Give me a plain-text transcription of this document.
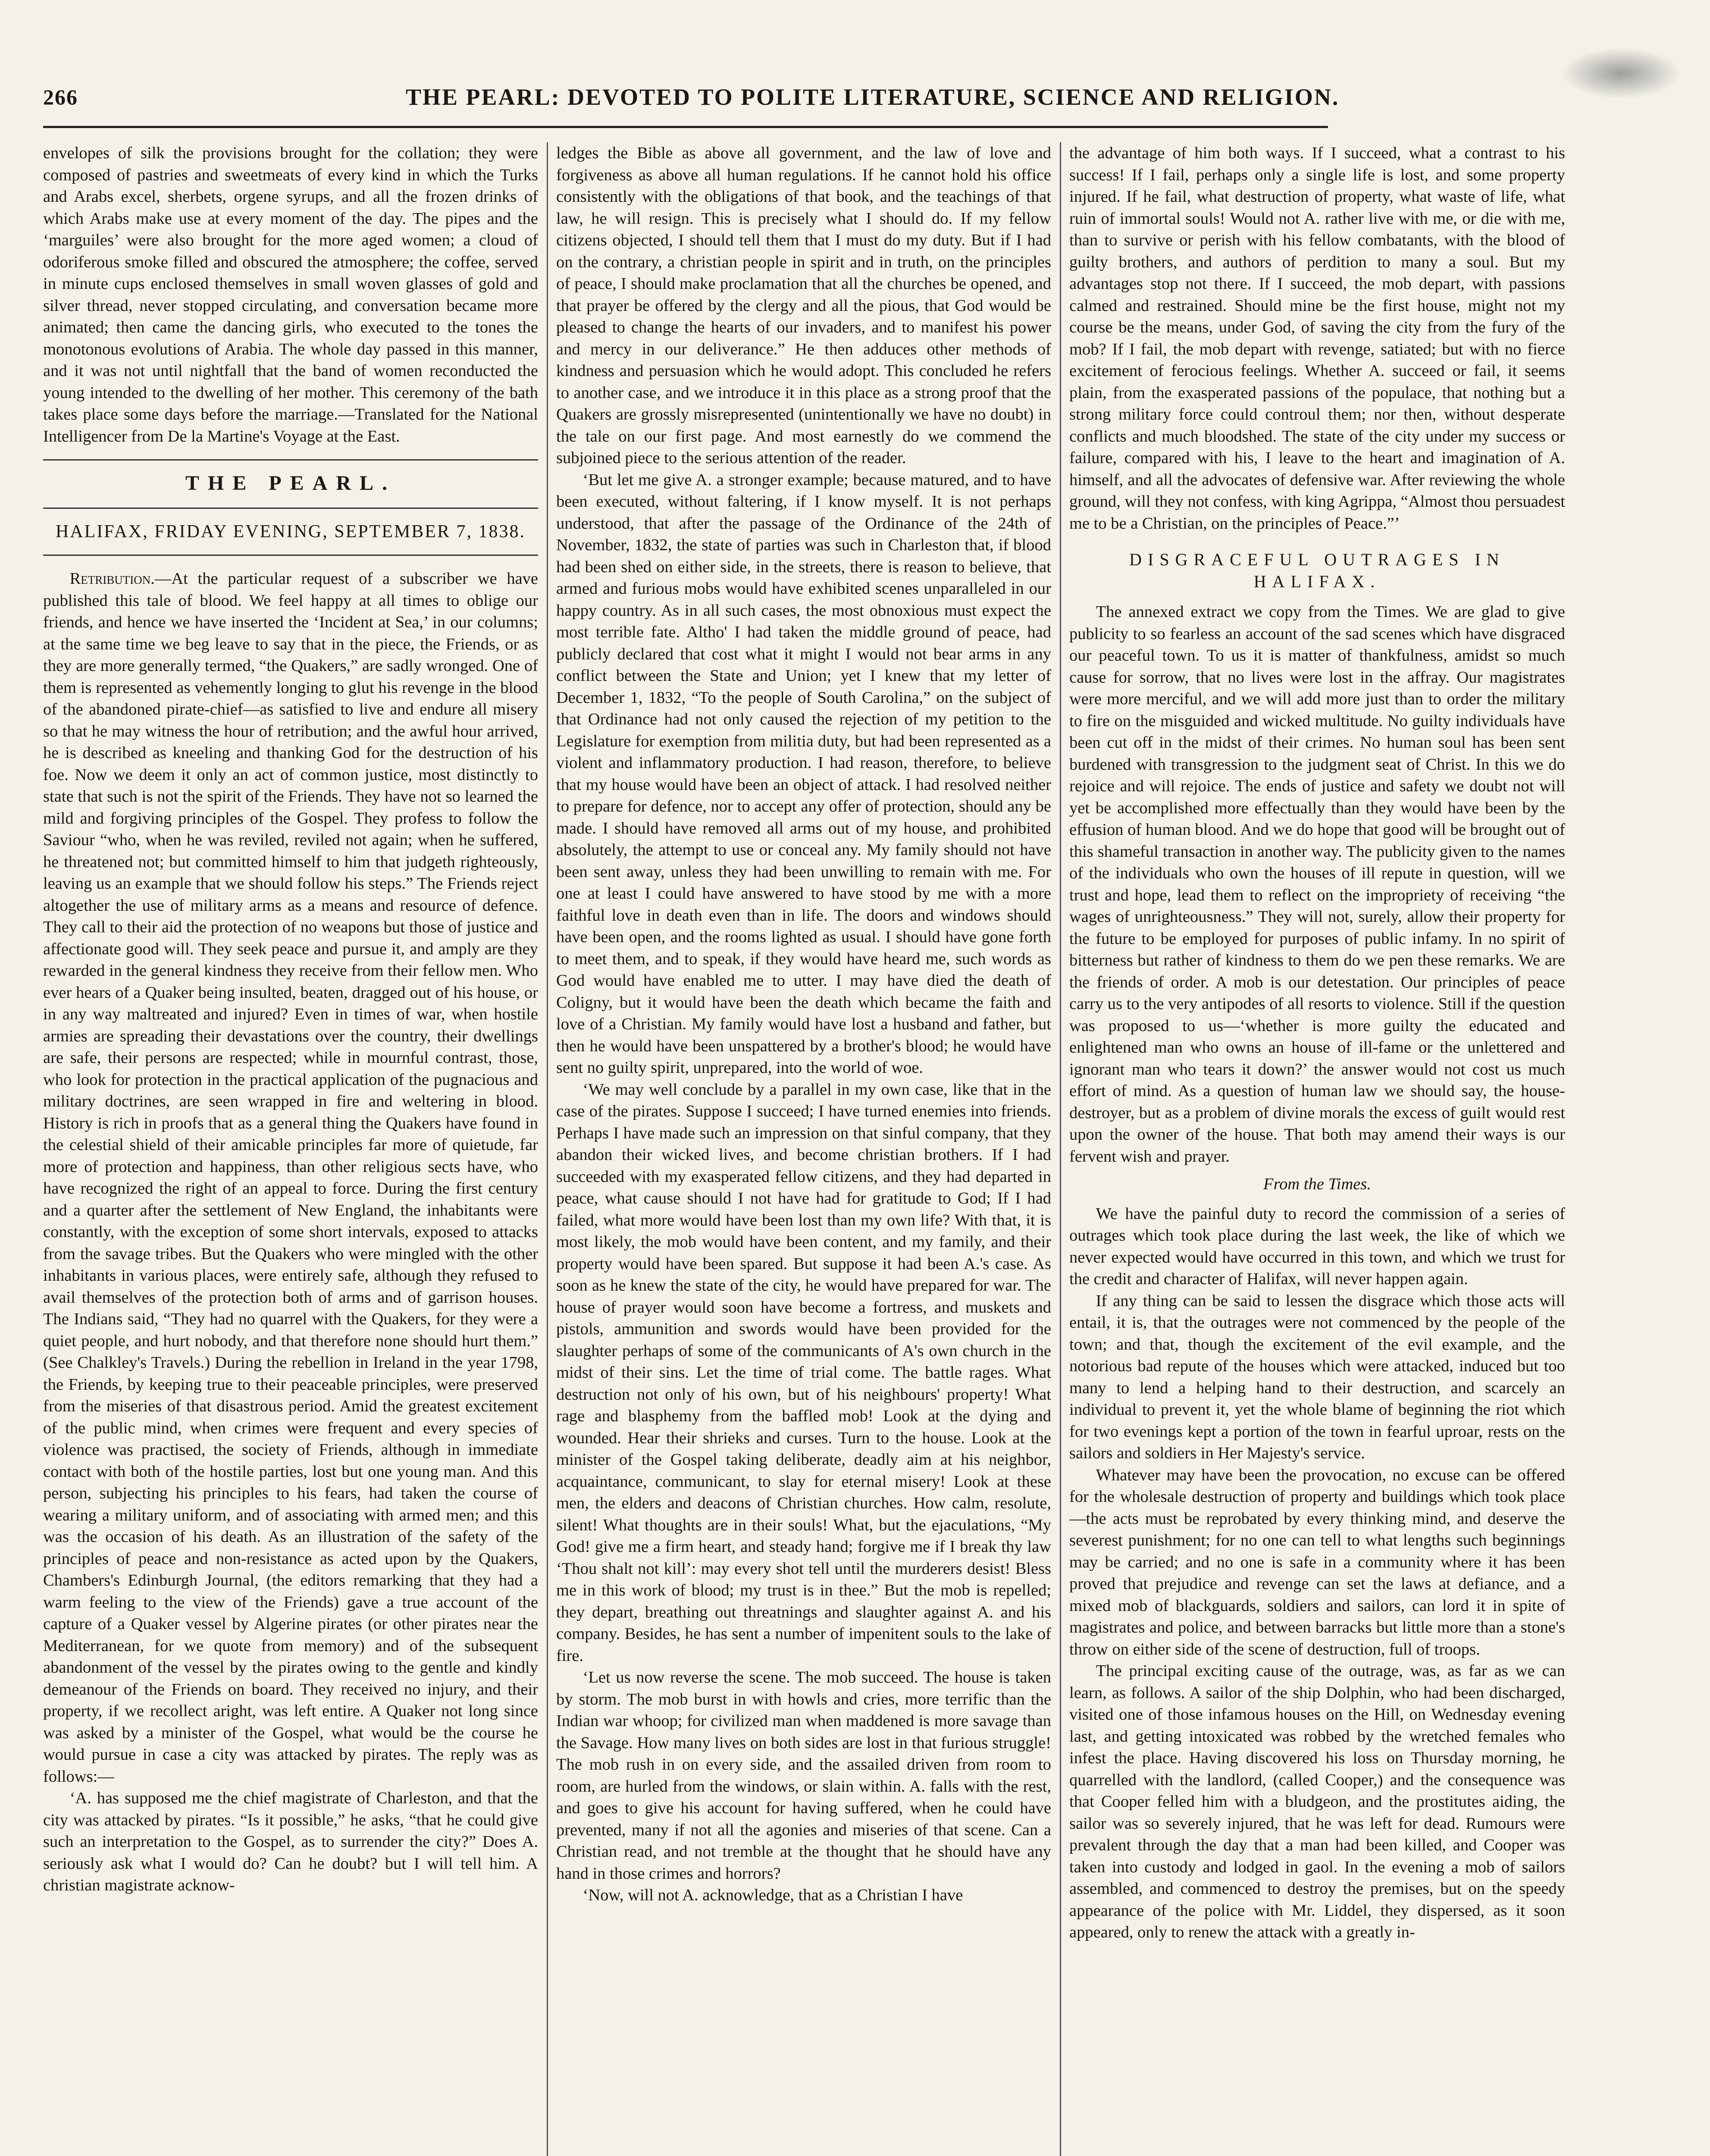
266	THE PEARL: DEVOTED TO POLITE LITERATURE, SCIENCE AND RELIGION.

envelopes of silk the provisions brought for the collation; they were composed of pastries and sweetmeats of every kind in which the Turks and Arabs excel, sherbets, orgene syrups, and all the frozen drinks of which Arabs make use at every moment of the day. The pipes and the ‘marguiles’ were also brought for the more aged women; a cloud of odoriferous smoke filled and obscured the atmosphere; the coffee, served in minute cups enclosed themselves in small woven glasses of gold and silver thread, never stopped circulating, and conversation became more animated; then came the dancing girls, who executed to the tones the monotonous evolutions of Arabia. The whole day passed in this manner, and it was not until nightfall that the band of women reconducted the young intended to the dwelling of her mother. This ceremony of the bath takes place some days before the marriage.—Translated for the National Intelligencer from De la Martine's Voyage at the East.

THE PEARL.
HALIFAX, FRIDAY EVENING, SEPTEMBER 7, 1838.

Retribution.—At the particular request of a subscriber we have published this tale of blood. We feel happy at all times to oblige our friends, and hence we have inserted the ‘Incident at Sea,’ in our columns; at the same time we beg leave to say that in the piece, the Friends, or as they are more generally termed, “the Quakers,” are sadly wronged. One of them is represented as vehemently longing to glut his revenge in the blood of the abandoned pirate-chief—as satisfied to live and endure all misery so that he may witness the hour of retribution; and the awful hour arrived, he is described as kneeling and thanking God for the destruction of his foe. Now we deem it only an act of common justice, most distinctly to state that such is not the spirit of the Friends. They have not so learned the mild and forgiving principles of the Gospel. They profess to follow the Saviour “who, when he was reviled, reviled not again; when he suffered, he threatened not; but committed himself to him that judgeth righteously, leaving us an example that we should follow his steps.” The Friends reject altogether the use of military arms as a means and resource of defence. They call to their aid the protection of no weapons but those of justice and affectionate good will. They seek peace and pursue it, and amply are they rewarded in the general kindness they receive from their fellow men. Who ever hears of a Quaker being insulted, beaten, dragged out of his house, or in any way maltreated and injured? Even in times of war, when hostile armies are spreading their devastations over the country, their dwellings are safe, their persons are respected; while in mournful contrast, those, who look for protection in the practical application of the pugnacious and military doctrines, are seen wrapped in fire and weltering in blood. History is rich in proofs that as a general thing the Quakers have found in the celestial shield of their amicable principles far more of quietude, far more of protection and happiness, than other religious sects have, who have recognized the right of an appeal to force. During the first century and a quarter after the settlement of New England, the inhabitants were constantly, with the exception of some short intervals, exposed to attacks from the savage tribes. But the Quakers who were mingled with the other inhabitants in various places, were entirely safe, although they refused to avail themselves of the protection both of arms and of garrison houses. The Indians said, “They had no quarrel with the Quakers, for they were a quiet people, and hurt nobody, and that therefore none should hurt them.” (See Chalkley's Travels.) During the rebellion in Ireland in the year 1798, the Friends, by keeping true to their peaceable principles, were preserved from the miseries of that disastrous period. Amid the greatest excitement of the public mind, when crimes were frequent and every species of violence was practised, the society of Friends, although in immediate contact with both of the hostile parties, lost but one young man. And this person, subjecting his principles to his fears, had taken the course of wearing a military uniform, and of associating with armed men; and this was the occasion of his death. As an illustration of the safety of the principles of peace and non-resistance as acted upon by the Quakers, Chambers's Edinburgh Journal, (the editors remarking that they had a warm feeling to the view of the Friends) gave a true account of the capture of a Quaker vessel by Algerine pirates (or other pirates near the Mediterranean, for we quote from memory) and of the subsequent abandonment of the vessel by the pirates owing to the gentle and kindly demeanour of the Friends on board. They received no injury, and their property, if we recollect aright, was left entire. A Quaker not long since was asked by a minister of the Gospel, what would be the course he would pursue in case a city was attacked by pirates. The reply was as follows:—

‘A. has supposed me the chief magistrate of Charleston, and that the city was attacked by pirates. “Is it possible,” he asks, “that he could give such an interpretation to the Gospel, as to surrender the city?” Does A. seriously ask what I would do? Can he doubt? but I will tell him. A christian magistrate acknow-

ledges the Bible as above all government, and the law of love and forgiveness as above all human regulations. If he cannot hold his office consistently with the obligations of that book, and the teachings of that law, he will resign. This is precisely what I should do. If my fellow citizens objected, I should tell them that I must do my duty. But if I had on the contrary, a christian people in spirit and in truth, on the principles of peace, I should make proclamation that all the churches be opened, and that prayer be offered by the clergy and all the pious, that God would be pleased to change the hearts of our invaders, and to manifest his power and mercy in our deliverance.” He then adduces other methods of kindness and persuasion which he would adopt. This concluded he refers to another case, and we introduce it in this place as a strong proof that the Quakers are grossly misrepresented (unintentionally we have no doubt) in the tale on our first page. And most earnestly do we commend the subjoined piece to the serious attention of the reader.

‘But let me give A. a stronger example; because matured, and to have been executed, without faltering, if I know myself. It is not perhaps understood, that after the passage of the Ordinance of the 24th of November, 1832, the state of parties was such in Charleston that, if blood had been shed on either side, in the streets, there is reason to believe, that armed and furious mobs would have exhibited scenes unparalleled in our happy country. As in all such cases, the most obnoxious must expect the most terrible fate. Altho' I had taken the middle ground of peace, had publicly declared that cost what it might I would not bear arms in any conflict between the State and Union; yet I knew that my letter of December 1, 1832, “To the people of South Carolina,” on the subject of that Ordinance had not only caused the rejection of my petition to the Legislature for exemption from militia duty, but had been represented as a violent and inflammatory production. I had reason, therefore, to believe that my house would have been an object of attack. I had resolved neither to prepare for defence, nor to accept any offer of protection, should any be made. I should have removed all arms out of my house, and prohibited absolutely, the attempt to use or conceal any. My family should not have been sent away, unless they had been unwilling to remain with me. For one at least I could have answered to have stood by me with a more faithful love in death even than in life. The doors and windows should have been open, and the rooms lighted as usual. I should have gone forth to meet them, and to speak, if they would have heard me, such words as God would have enabled me to utter. I may have died the death of Coligny, but it would have been the death which became the faith and love of a Christian. My family would have lost a husband and father, but then he would have been unspattered by a brother's blood; he would have sent no guilty spirit, unprepared, into the world of woe.

‘We may well conclude by a parallel in my own case, like that in the case of the pirates. Suppose I succeed; I have turned enemies into friends. Perhaps I have made such an impression on that sinful company, that they abandon their wicked lives, and become christian brothers. If I had succeeded with my exasperated fellow citizens, and they had departed in peace, what cause should I not have had for gratitude to God; If I had failed, what more would have been lost than my own life? With that, it is most likely, the mob would have been content, and my family, and their property would have been spared. But suppose it had been A.'s case. As soon as he knew the state of the city, he would have prepared for war. The house of prayer would soon have become a fortress, and muskets and pistols, ammunition and swords would have been provided for the slaughter perhaps of some of the communicants of A's own church in the midst of their sins. Let the time of trial come. The battle rages. What destruction not only of his own, but of his neighbours' property! What rage and blasphemy from the baffled mob! Look at the dying and wounded. Hear their shrieks and curses. Turn to the house. Look at the minister of the Gospel taking deliberate, deadly aim at his neighbor, acquaintance, communicant, to slay for eternal misery! Look at these men, the elders and deacons of Christian churches. How calm, resolute, silent! What thoughts are in their souls! What, but the ejaculations, “My God! give me a firm heart, and steady hand; forgive me if I break thy law ‘Thou shalt not kill’: may every shot tell until the murderers desist! Bless me in this work of blood; my trust is in thee.” But the mob is repelled; they depart, breathing out threatnings and slaughter against A. and his company. Besides, he has sent a number of impenitent souls to the lake of fire.

‘Let us now reverse the scene. The mob succeed. The house is taken by storm. The mob burst in with howls and cries, more terrific than the Indian war whoop; for civilized man when maddened is more savage than the Savage. How many lives on both sides are lost in that furious struggle! The mob rush in on every side, and the assailed driven from room to room, are hurled from the windows, or slain within. A. falls with the rest, and goes to give his account for having suffered, when he could have prevented, many if not all the agonies and miseries of that scene. Can a Christian read, and not tremble at the thought that he should have any hand in those crimes and horrors?

‘Now, will not A. acknowledge, that as a Christian I have

the advantage of him both ways. If I succeed, what a contrast to his success! If I fail, perhaps only a single life is lost, and some property injured. If he fail, what destruction of property, what waste of life, what ruin of immortal souls! Would not A. rather live with me, or die with me, than to survive or perish with his fellow combatants, with the blood of guilty brothers, and authors of perdition to many a soul. But my advantages stop not there. If I succeed, the mob depart, with passions calmed and restrained. Should mine be the first house, might not my course be the means, under God, of saving the city from the fury of the mob? If I fail, the mob depart with revenge, satiated; but with no fierce excitement of ferocious feelings. Whether A. succeed or fail, it seems plain, from the exasperated passions of the populace, that nothing but a strong military force could controul them; nor then, without desperate conflicts and much bloodshed. The state of the city under my success or failure, compared with his, I leave to the heart and imagination of A. himself, and all the advocates of defensive war. After reviewing the whole ground, will they not confess, with king Agrippa, “Almost thou persuadest me to be a Christian, on the principles of Peace.”’

DISGRACEFUL OUTRAGES IN HALIFAX.

The annexed extract we copy from the Times. We are glad to give publicity to so fearless an account of the sad scenes which have disgraced our peaceful town. To us it is matter of thankfulness, amidst so much cause for sorrow, that no lives were lost in the affray. Our magistrates were more merciful, and we will add more just than to order the military to fire on the misguided and wicked multitude. No guilty individuals have been cut off in the midst of their crimes. No human soul has been sent burdened with transgression to the judgment seat of Christ. In this we do rejoice and will rejoice. The ends of justice and safety we doubt not will yet be accomplished more effectually than they would have been by the effusion of human blood. And we do hope that good will be brought out of this shameful transaction in another way. The publicity given to the names of the individuals who own the houses of ill repute in question, will we trust and hope, lead them to reflect on the impropriety of receiving “the wages of unrighteousness.” They will not, surely, allow their property for the future to be employed for purposes of public infamy. In no spirit of bitterness but rather of kindness to them do we pen these remarks. We are the friends of order. A mob is our detestation. Our principles of peace carry us to the very antipodes of all resorts to violence. Still if the question was proposed to us—‘whether is more guilty the educated and enlightened man who owns an house of ill-fame or the unlettered and ignorant man who tears it down?’ the answer would not cost us much effort of mind. As a question of human law we should say, the house-destroyer, but as a problem of divine morals the excess of guilt would rest upon the owner of the house. That both may amend their ways is our fervent wish and prayer.

From the Times.

We have the painful duty to record the commission of a series of outrages which took place during the last week, the like of which we never expected would have occurred in this town, and which we trust for the credit and character of Halifax, will never happen again.

If any thing can be said to lessen the disgrace which those acts will entail, it is, that the outrages were not commenced by the people of the town; and that, though the excitement of the evil example, and the notorious bad repute of the houses which were attacked, induced but too many to lend a helping hand to their destruction, and scarcely an individual to prevent it, yet the whole blame of beginning the riot which for two evenings kept a portion of the town in fearful uproar, rests on the sailors and soldiers in Her Majesty's service.

Whatever may have been the provocation, no excuse can be offered for the wholesale destruction of property and buildings which took place—the acts must be reprobated by every thinking mind, and deserve the severest punishment; for no one can tell to what lengths such beginnings may be carried; and no one is safe in a community where it has been proved that prejudice and revenge can set the laws at defiance, and a mixed mob of blackguards, soldiers and sailors, can lord it in spite of magistrates and police, and between barracks but little more than a stone's throw on either side of the scene of destruction, full of troops.

The principal exciting cause of the outrage, was, as far as we can learn, as follows. A sailor of the ship Dolphin, who had been discharged, visited one of those infamous houses on the Hill, on Wednesday evening last, and getting intoxicated was robbed by the wretched females who infest the place. Having discovered his loss on Thursday morning, he quarrelled with the landlord, (called Cooper,) and the consequence was that Cooper felled him with a bludgeon, and the prostitutes aiding, the sailor was so severely injured, that he was left for dead. Rumours were prevalent through the day that a man had been killed, and Cooper was taken into custody and lodged in gaol. In the evening a mob of sailors assembled, and commenced to destroy the premises, but on the speedy appearance of the police with Mr. Liddel, they dispersed, as it soon appeared, only to renew the attack with a greatly in-
